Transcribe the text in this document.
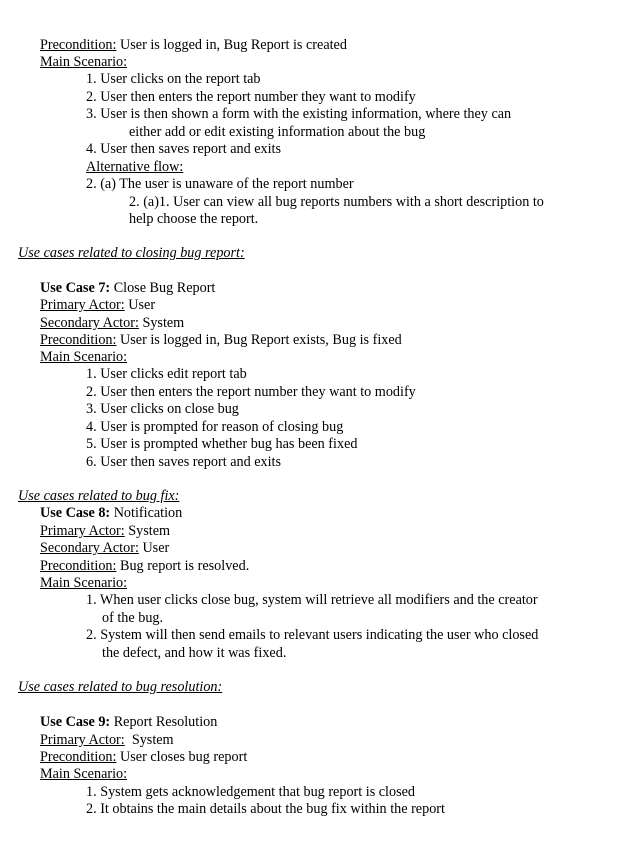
Precondition: User is logged in, Bug Report is created
Main Scenario:
1. User clicks on the report tab
2. User then enters the report number they want to modify
3. User is then shown a form with the existing information, where they can
either add or edit existing information about the bug
4. User then saves report and exits
Alternative flow:
2. (a) The user is unaware of the report number
2. (a)1. User can view all bug reports numbers with a short description to
help choose the report.
Use cases related to closing bug report:
Use Case 7: Close Bug Report
Primary Actor: User
Secondary Actor: System
Precondition: User is logged in, Bug Report exists, Bug is fixed
Main Scenario:
1. User clicks edit report tab
2. User then enters the report number they want to modify
3. User clicks on close bug
4. User is prompted for reason of closing bug
5. User is prompted whether bug has been fixed
6. User then saves report and exits
Use cases related to bug fix:
Use Case 8: Notification
Primary Actor: System
Secondary Actor: User
Precondition: Bug report is resolved.
Main Scenario:
1. When user clicks close bug, system will retrieve all modifiers and the creator
of the bug.
2. System will then send emails to relevant users indicating the user who closed
the defect, and how it was fixed.
Use cases related to bug resolution:
Use Case 9: Report Resolution
Primary Actor:  System
Precondition: User closes bug report
Main Scenario:
1. System gets acknowledgement that bug report is closed
2. It obtains the main details about the bug fix within the report
